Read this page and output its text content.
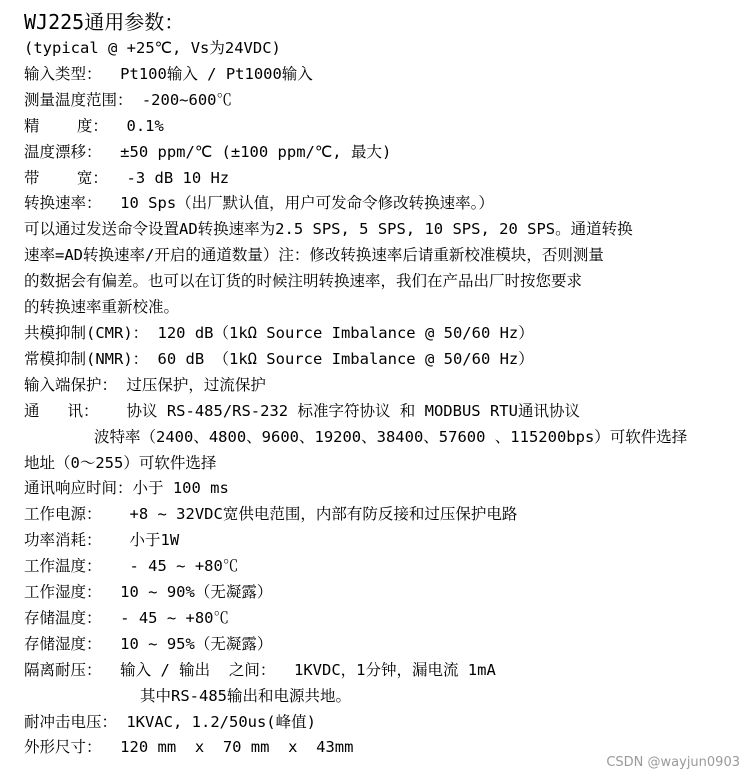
WJ225通用参数：
(typical @ +25℃, Vs为24VDC)
输入类型：  Pt100输入 / Pt1000输入
测量温度范围： -200~600℃
精    度：  0.1%
温度漂移：  ±50 ppm/℃ (±100 ppm/℃, 最大)
带    宽：  -3 dB 10 Hz
转换速率：  10 Sps（出厂默认值，用户可发命令修改转换速率。）
可以通过发送命令设置AD转换速率为2.5 SPS, 5 SPS, 10 SPS, 20 SPS。通道转换
速率=AD转换速率/开启的通道数量）注：修改转换速率后请重新校准模块，否则测量
的数据会有偏差。也可以在订货的时候注明转换速率，我们在产品出厂时按您要求
的转换速率重新校准。
共模抑制(CMR)： 120 dB（1kΩ Source Imbalance @ 50/60 Hz）
常模抑制(NMR)： 60 dB （1kΩ Source Imbalance @ 50/60 Hz）
输入端保护： 过压保护，过流保护
通   讯：   协议 RS-485/RS-232 标准字符协议 和 MODBUS RTU通讯协议
波特率（2400、4800、9600、19200、38400、57600 、115200bps）可软件选择
地址（0～255）可软件选择
通讯响应时间：小于 100 ms
工作电源：   +8 ~ 32VDC宽供电范围，内部有防反接和过压保护电路
功率消耗：   小于1W
工作温度：   - 45 ~ +80℃
工作湿度：  10 ~ 90%（无凝露）
存储温度：  - 45 ~ +80℃
存储湿度：  10 ~ 95%（无凝露）
隔离耐压：  输入 / 输出  之间：  1KVDC，1分钟，漏电流 1mA
其中RS-485输出和电源共地。
耐冲击电压： 1KVAC, 1.2/50us(峰值)
外形尺寸：  120 mm  x  70 mm  x  43mm
CSDN @wayjun0903
